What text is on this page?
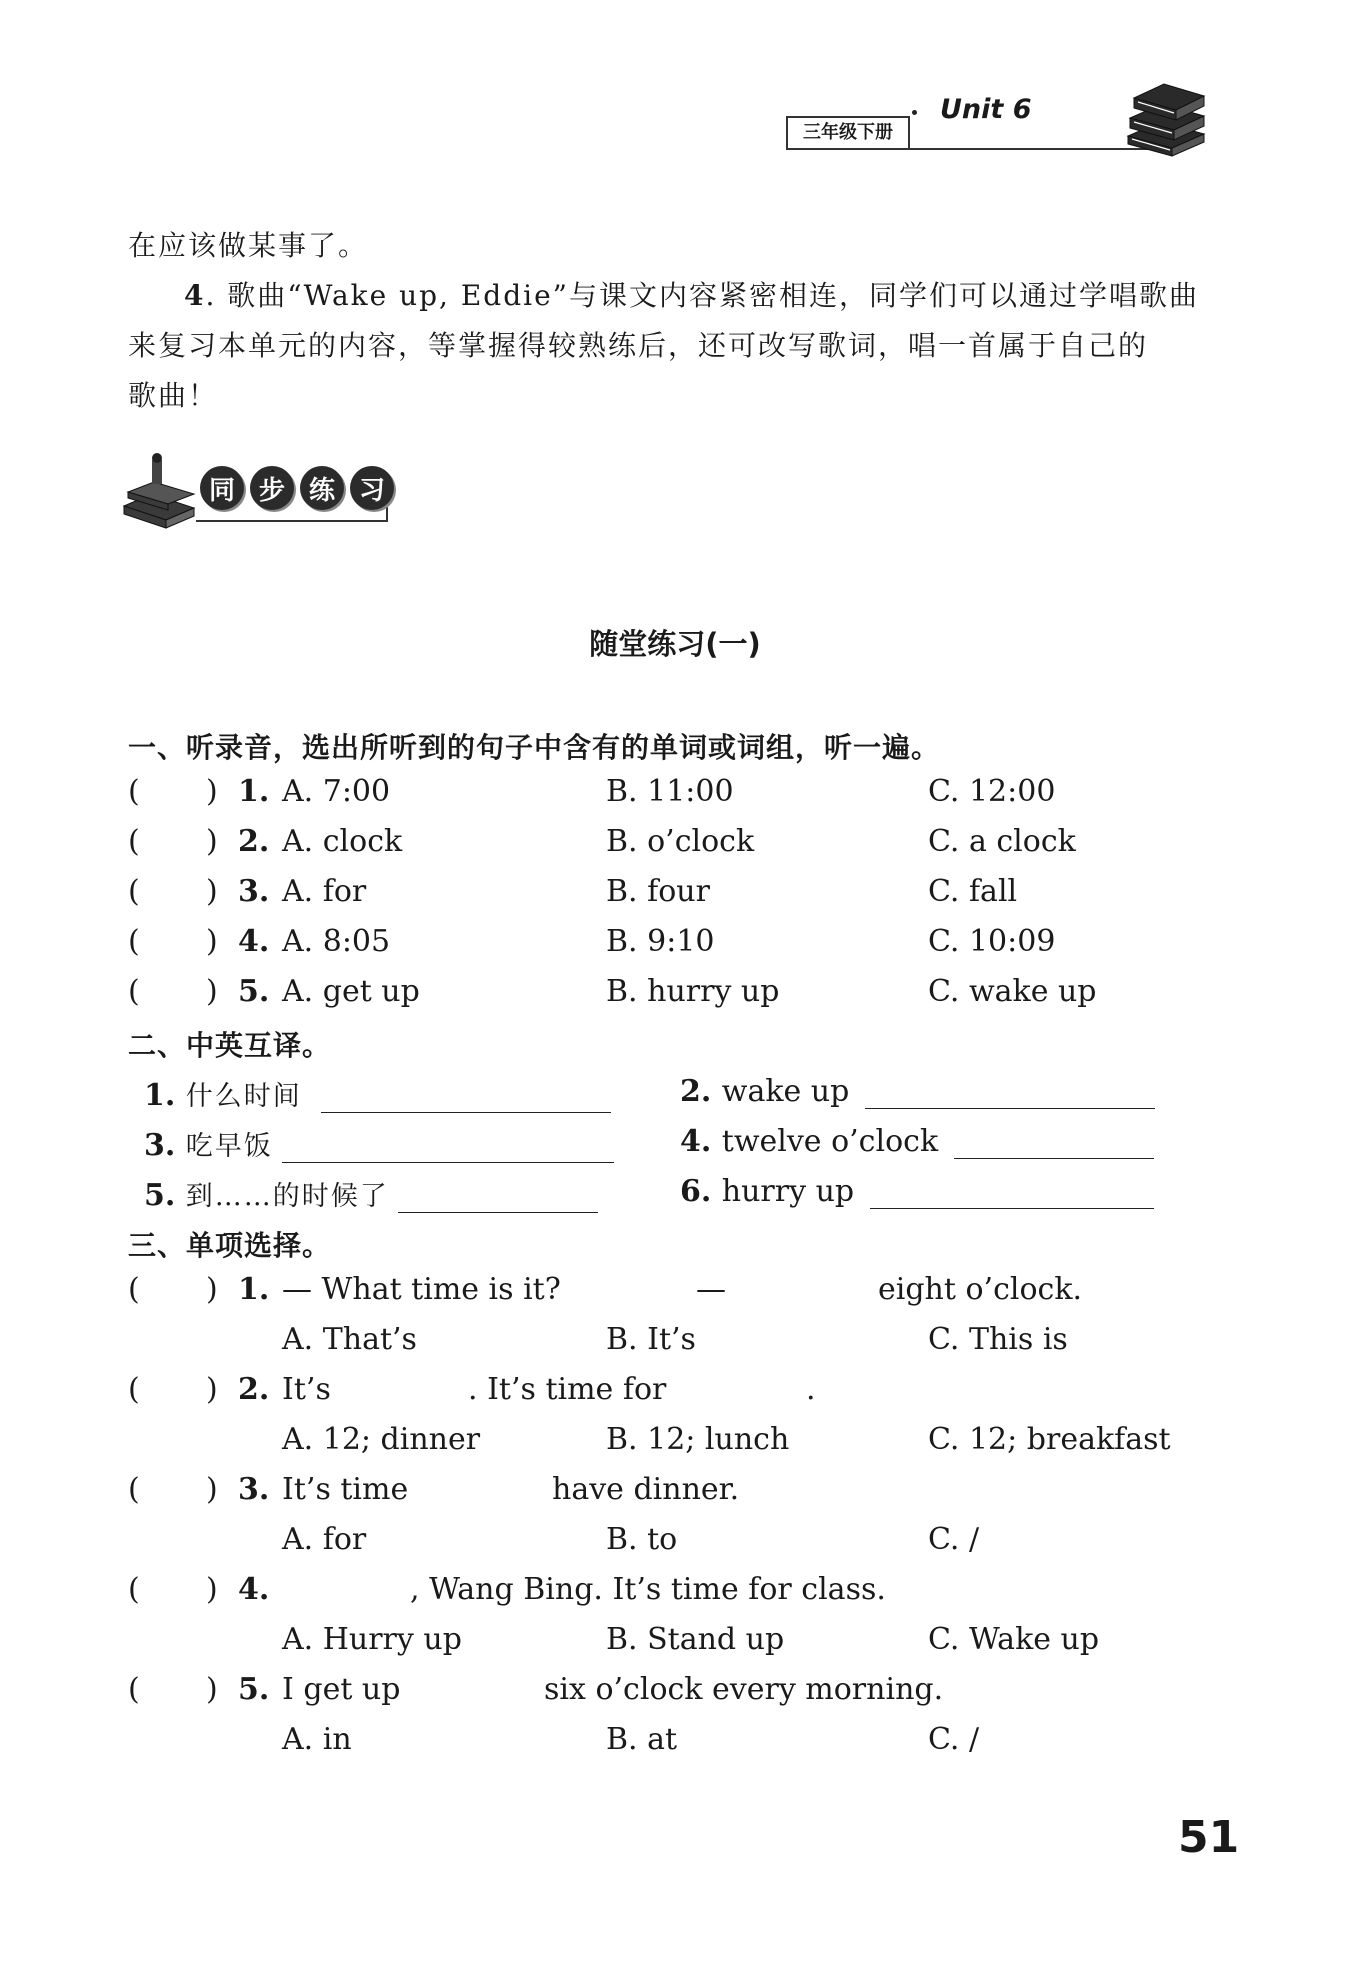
三年级下册
Unit 6
在应该做某事了。
4. 歌曲“Wake up, Eddie”与课文内容紧密相连，同学们可以通过学唱歌曲
来复习本单元的内容，等掌握得较熟练后，还可改写歌词，唱一首属于自己的
歌曲！
同 步 练 习
随堂练习(一)
一、听录音，选出所听到的句子中含有的单词或词组，听一遍。
( ) 1. A. 7:00	B. 11:00	C. 12:00
( ) 2. A. clock	B. o’clock	C. a clock
( ) 3. A. for	B. four	C. fall
( ) 4. A. 8:05	B. 9:10	C. 10:09
( ) 5. A. get up	B. hurry up	C. wake up
二、中英互译。
1. 什么时间	2. wake up
3. 吃早饭	4. twelve o’clock
5. 到……的时候了	6. hurry up
三、单项选择。
( ) 1. — What time is it?	—	eight o’clock.
A. That’s	B. It’s	C. This is
( ) 2. It’s	. It’s time for	.
A. 12; dinner	B. 12; lunch	C. 12; breakfast
( ) 3. It’s time	have dinner.
A. for	B. to	C. /
( ) 4.	, Wang Bing. It’s time for class.
A. Hurry up	B. Stand up	C. Wake up
( ) 5. I get up	six o’clock every morning.
A. in	B. at	C. /
51
